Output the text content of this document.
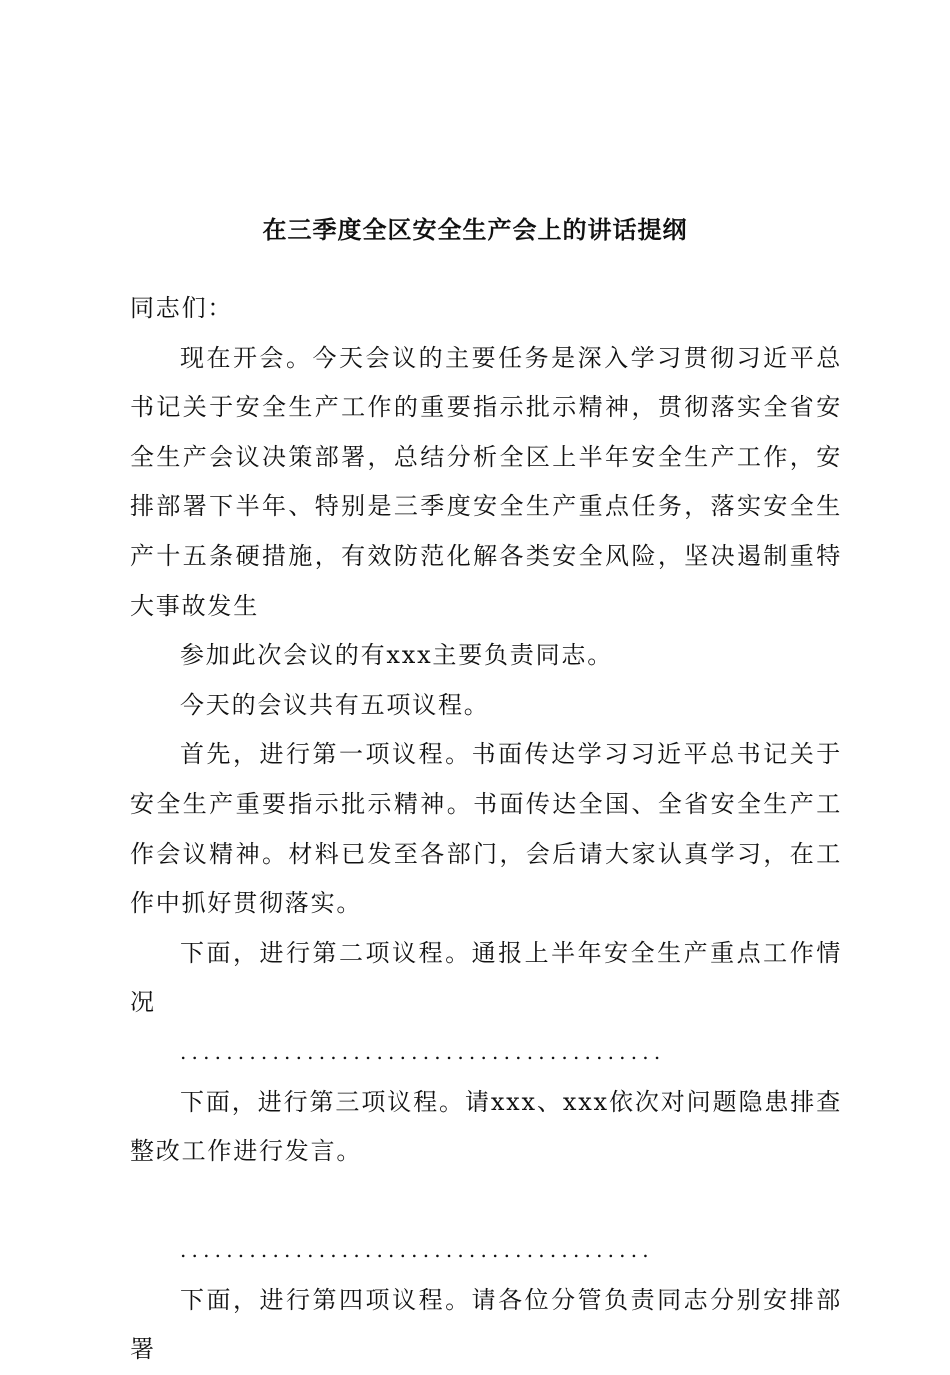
在三季度全区安全生产会上的讲话提纲

同志们：

现在开会。今天会议的主要任务是深入学习贯彻习近平总书记关于安全生产工作的重要指示批示精神，贯彻落实全省安全生产会议决策部署，总结分析全区上半年安全生产工作，安排部署下半年、特别是三季度安全生产重点任务，落实安全生产十五条硬措施，有效防范化解各类安全风险，坚决遏制重特大事故发生

参加此次会议的有xxx主要负责同志。

今天的会议共有五项议程。

首先，进行第一项议程。书面传达学习习近平总书记关于安全生产重要指示批示精神。书面传达全国、全省安全生产工作会议精神。材料已发至各部门，会后请大家认真学习，在工作中抓好贯彻落实。

下面，进行第二项议程。通报上半年安全生产重点工作情况

..........................................

下面，进行第三项议程。请xxx、xxx依次对问题隐患排查整改工作进行发言。

.........................................

下面，进行第四项议程。请各位分管负责同志分别安排部署
